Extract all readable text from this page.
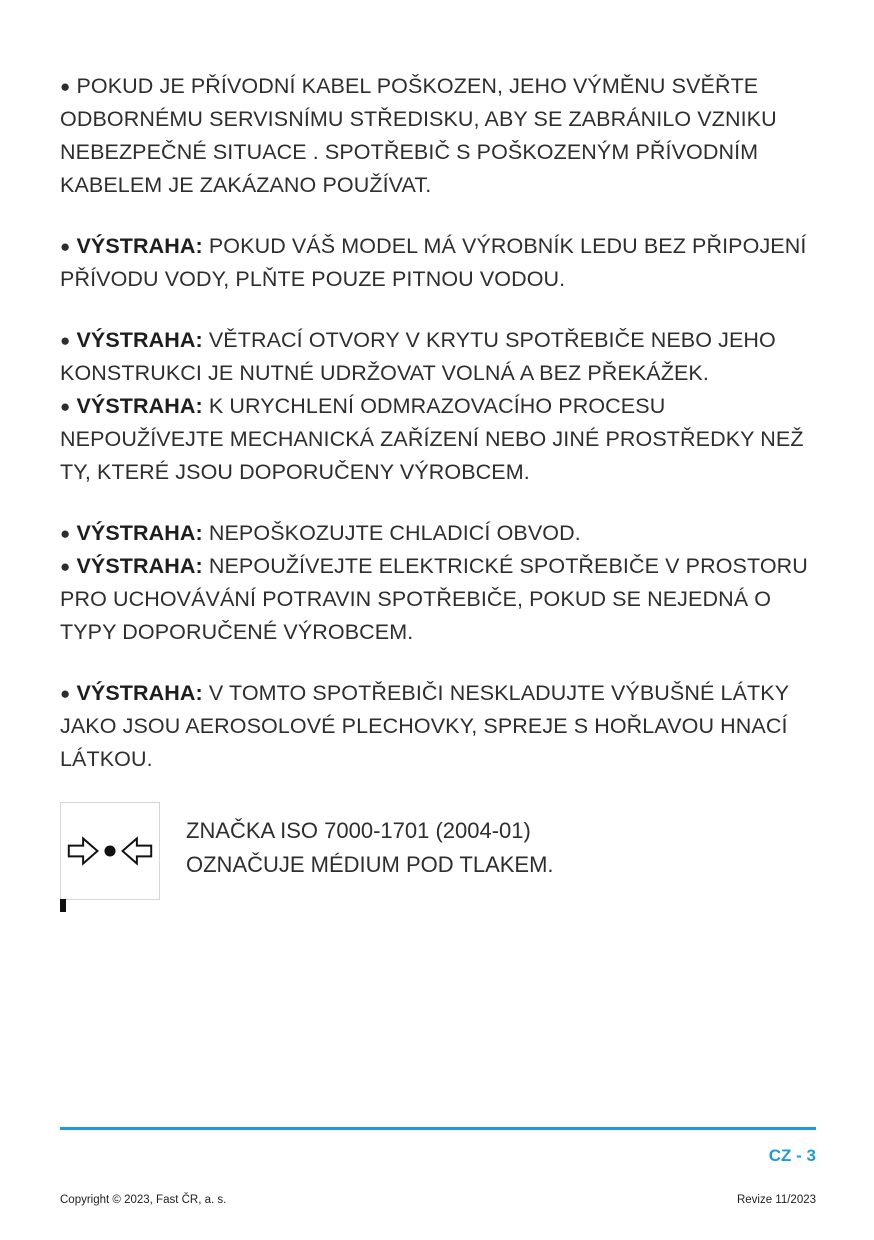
● POKUD JE PŘÍVODNÍ KABEL POŠKOZEN, JEHO VÝMĚNU SVĚŘTE ODBORNÉMU SERVISNÍMU STŘEDISKU, ABY SE ZABRÁNILO VZNIKU NEBEZPEČNÉ SITUACE . SPOTŘEBIČ S POŠKOZENÝM PŘÍVODNÍM KABELEM JE ZAKÁZANO POUŽÍVAT.

● VÝSTRAHA: POKUD VÁŠ MODEL MÁ VÝROBNÍK LEDU BEZ PŘIPOJENÍ PŘÍVODU VODY, PLŇTE POUZE PITNOU VODOU.

● VÝSTRAHA: VĚTRACÍ OTVORY V KRYTU SPOTŘEBIČE NEBO JEHO KONSTRUKCI JE NUTNÉ UDRŽOVAT VOLNÁ A BEZ PŘEKÁŽEK.

● VÝSTRAHA: K URYCHLENÍ ODMRAZOVACÍHO PROCESU NEPOUŽÍVEJTE MECHANICKÁ ZAŘÍZENÍ NEBO JINÉ PROSTŘEDKY NEŽ TY, KTERÉ JSOU DOPORUČENY VÝROBCEM.

● VÝSTRAHA: NEPOŠKOZUJTE CHLADICÍ OBVOD.

● VÝSTRAHA: NEPOUŽÍVEJTE ELEKTRICKÉ SPOTŘEBIČE V PROSTORU PRO UCHOVÁVÁNÍ POTRAVIN SPOTŘEBIČE, POKUD SE NEJEDNÁ O TYPY DOPORUČENÉ VÝROBCEM.

● VÝSTRAHA: V TOMTO SPOTŘEBIČI NESKLADUJTE VÝBUŠNÉ LÁTKY JAKO JSOU AEROSOLOVÉ PLECHOVKY, SPREJE S HOŘLAVOU HNACÍ LÁTKOU.

ZNAČKA ISO 7000-1701 (2004-01)

OZNAČUJE MÉDIUM POD TLAKEM.

CZ - 3
Copyright © 2023, Fast ČR, a. s.	Revize 11/2023
